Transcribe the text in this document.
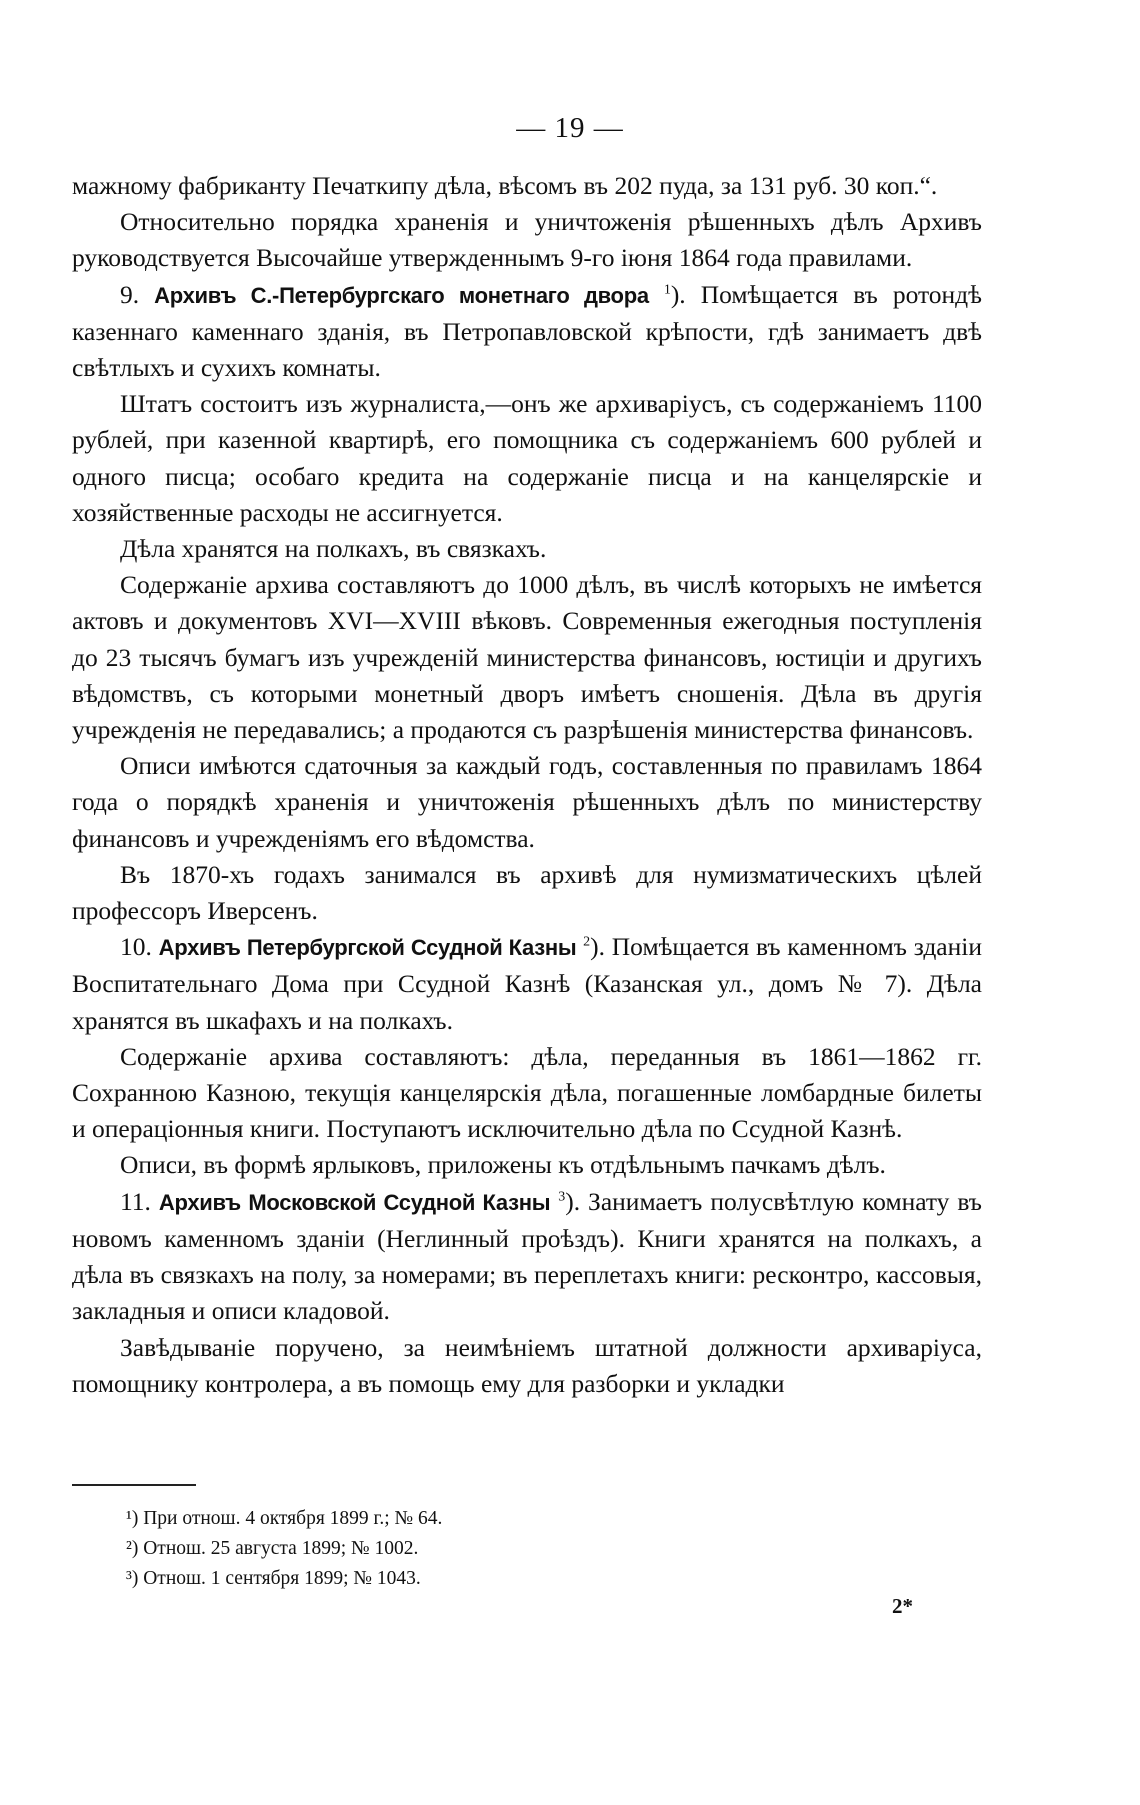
— 19 —

мажному фабриканту Печаткипу дѣла, вѣсомъ въ 202 пуда, за 131 руб. 30 коп.“.

Относительно порядка храненія и уничтоженія рѣшенныхъ дѣлъ Архивъ руководствуется Высочайше утвержденнымъ 9-го іюня 1864 года правилами.

9. Архивъ С.-Петербургскаго монетнаго двора $^1$). Помѣщается въ ротондѣ казеннаго каменнаго зданія, въ Петропавловской крѣпости, гдѣ занимаетъ двѣ свѣтлыхъ и сухихъ комнаты.

Штатъ состоитъ изъ журналиста,—онъ же архиваріусъ, съ содержаніемъ 1100 рублей, при казенной квартирѣ, его помощника съ содержаніемъ 600 рублей и одного писца; особаго кредита на содержаніе писца и на канцелярскіе и хозяйственные расходы не ассигнуется.

Дѣла хранятся на полкахъ, въ связкахъ.

Содержаніе архива составляютъ до 1000 дѣлъ, въ числѣ которыхъ не имѣется актовъ и документовъ XVI—XVIII вѣковъ. Современныя ежегодныя поступленія до 23 тысячъ бумагъ изъ учрежденій министерства финансовъ, юстиціи и другихъ вѣдомствъ, съ которыми монетный дворъ имѣетъ сношенія. Дѣла въ другія учрежденія не передавались; а продаются съ разрѣшенія министерства финансовъ.

Описи имѣются сдаточныя за каждый годъ, составленныя по правиламъ 1864 года о порядкѣ храненія и уничтоженія рѣшенныхъ дѣлъ по министерству финансовъ и учрежденіямъ его вѣдомства.

Въ 1870-хъ годахъ занимался въ архивѣ для нумизматическихъ цѣлей профессоръ Иверсенъ.

10. Архивъ Петербургской Ссудной Казны $^2$). Помѣщается въ каменномъ зданіи Воспитательнаго Дома при Ссудной Казнѣ (Казанская ул., домъ № 7). Дѣла хранятся въ шкафахъ и на полкахъ.

Содержаніе архива составляютъ: дѣла, переданныя въ 1861—1862 гг. Сохранною Казною, текущія канцелярскія дѣла, погашенные ломбардные билеты и операціонныя книги. Поступаютъ исключительно дѣла по Ссудной Казнѣ.

Описи, въ формѣ ярлыковъ, приложены къ отдѣльнымъ пачкамъ дѣлъ.

11. Архивъ Московской Ссудной Казны $^3$). Занимаетъ полусвѣтлую комнату въ новомъ каменномъ зданіи (Неглинный проѣздъ). Книги хранятся на полкахъ, а дѣла въ связкахъ на полу, за номерами; въ переплетахъ книги: ресконтро, кассовыя, закладныя и описи кладовой.

Завѣдываніе поручено, за неимѣніемъ штатной должности архиваріуса, помощнику контролера, а въ помощь ему для разборки и укладки

¹) При отнош. 4 октября 1899 г.; № 64.
²) Отнош. 25 августа 1899; № 1002.
³) Отнош. 1 сентября 1899; № 1043.
2*
